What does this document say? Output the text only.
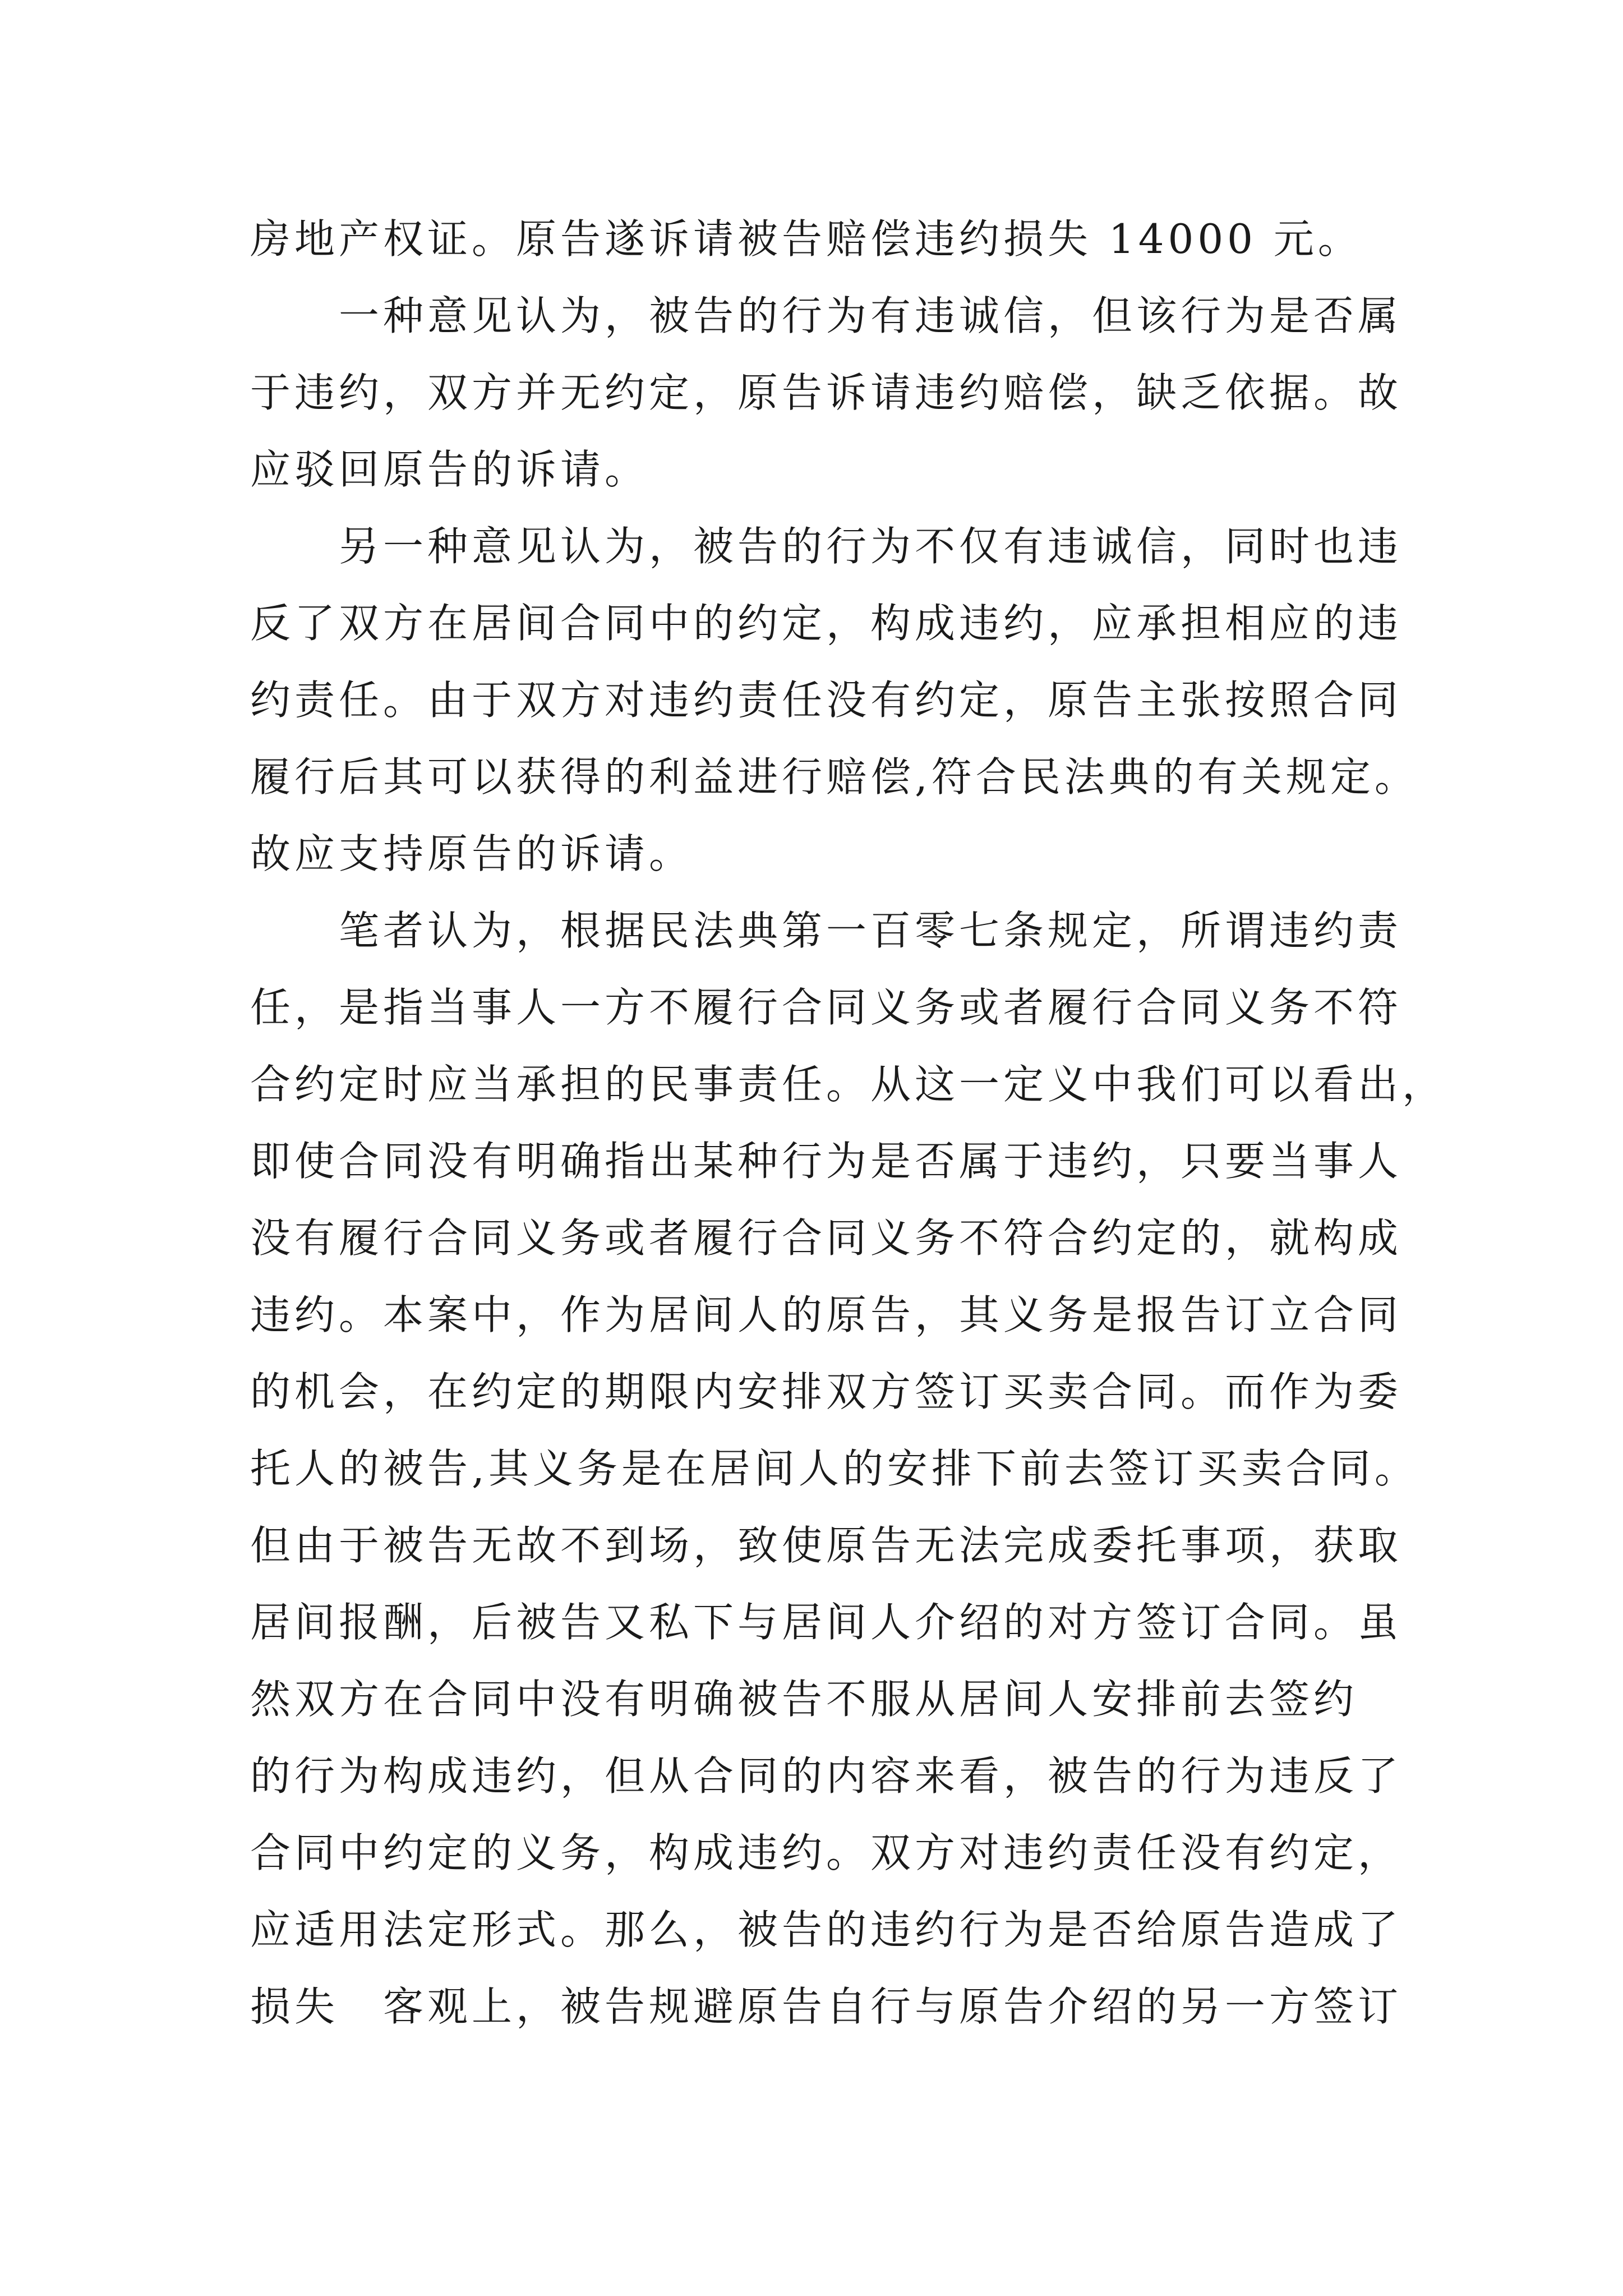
房地产权证。原告遂诉请被告赔偿违约损失 14000 元。
　　一种意见认为，被告的行为有违诚信，但该行为是否属
于违约，双方并无约定，原告诉请违约赔偿，缺乏依据。故
应驳回原告的诉请。
　　另一种意见认为，被告的行为不仅有违诚信，同时也违
反了双方在居间合同中的约定，构成违约，应承担相应的违
约责任。由于双方对违约责任没有约定，原告主张按照合同
履行后其可以获得的利益进行赔偿,符合民法典的有关规定。
故应支持原告的诉请。
　　笔者认为，根据民法典第一百零七条规定，所谓违约责
任，是指当事人一方不履行合同义务或者履行合同义务不符
合约定时应当承担的民事责任。从这一定义中我们可以看出，
即使合同没有明确指出某种行为是否属于违约，只要当事人
没有履行合同义务或者履行合同义务不符合约定的，就构成
违约。本案中，作为居间人的原告，其义务是报告订立合同
的机会，在约定的期限内安排双方签订买卖合同。而作为委
托人的被告,其义务是在居间人的安排下前去签订买卖合同。
但由于被告无故不到场，致使原告无法完成委托事项，获取
居间报酬，后被告又私下与居间人介绍的对方签订合同。虽
然双方在合同中没有明确被告不服从居间人安排前去签约
的行为构成违约，但从合同的内容来看，被告的行为违反了
合同中约定的义务，构成违约。双方对违约责任没有约定，
应适用法定形式。那么，被告的违约行为是否给原告造成了
损失　客观上，被告规避原告自行与原告介绍的另一方签订
